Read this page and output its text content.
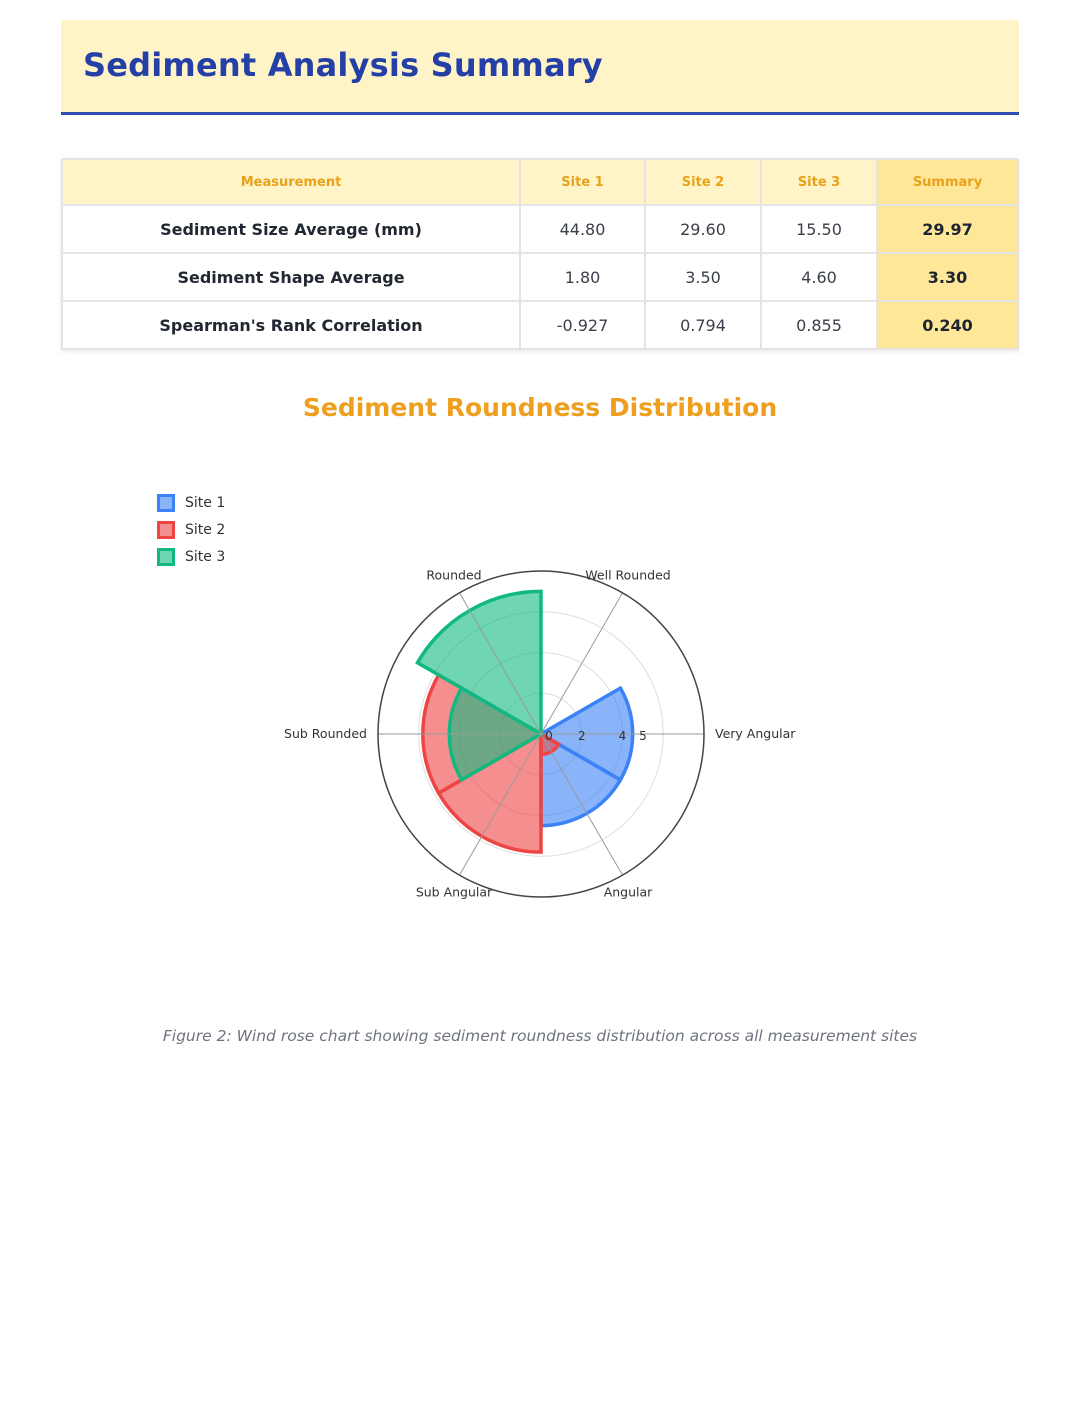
Sediment Analysis Summary
Measurement	Site 1	Site 2	Site 3	Summary
Sediment Size Average (mm)	44.80	29.60	15.50	29.97
Sediment Shape Average	1.80	3.50	4.60	3.30
Spearman's Rank Correlation	-0.927	0.794	0.855	0.240
Sediment Roundness Distribution
Site 1
Site 2
Site 3
0 2	4 5	Very Angular
Well Rounded
Rounded
Sub Rounded
Sub Angular	Angular
Figure 2: Wind rose chart showing sediment roundness distribution across all measurement sites
